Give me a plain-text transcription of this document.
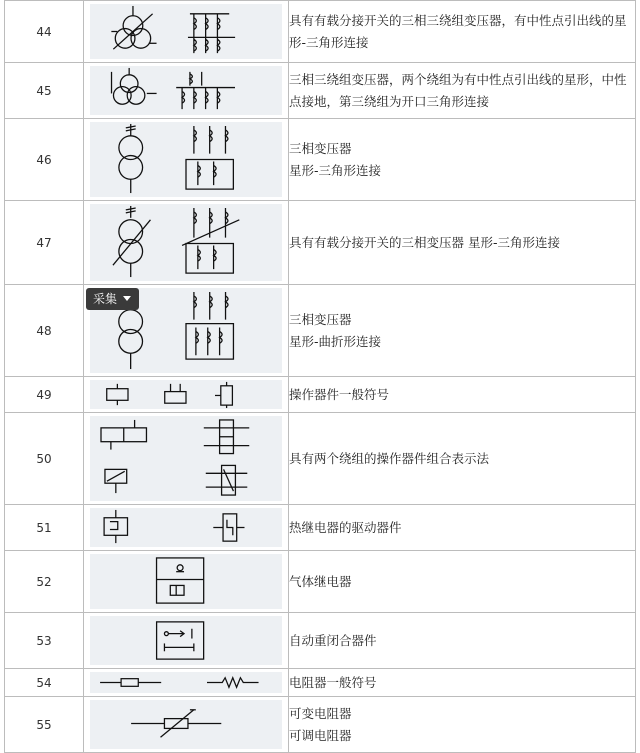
44		具有有载分接开关的三相三绕组变压器，有中性点引出线的星形-三角形连接

45		三相三绕组变压器，两个绕组为有中性点引出线的星形，中性点接地，第三绕组为开口三角形连接

46		三相变压器
星形-三角形连接

47		具有有载分接开关的三相变压器 星形-三角形连接

48	采集	三相变压器
星形-曲折形连接

49		操作器件一般符号

50		具有两个绕组的操作器件组合表示法

51		热继电器的驱动器件

52		气体继电器

53		自动重闭合器件

54		电阻器一般符号

55		可变电阻器
可调电阻器
